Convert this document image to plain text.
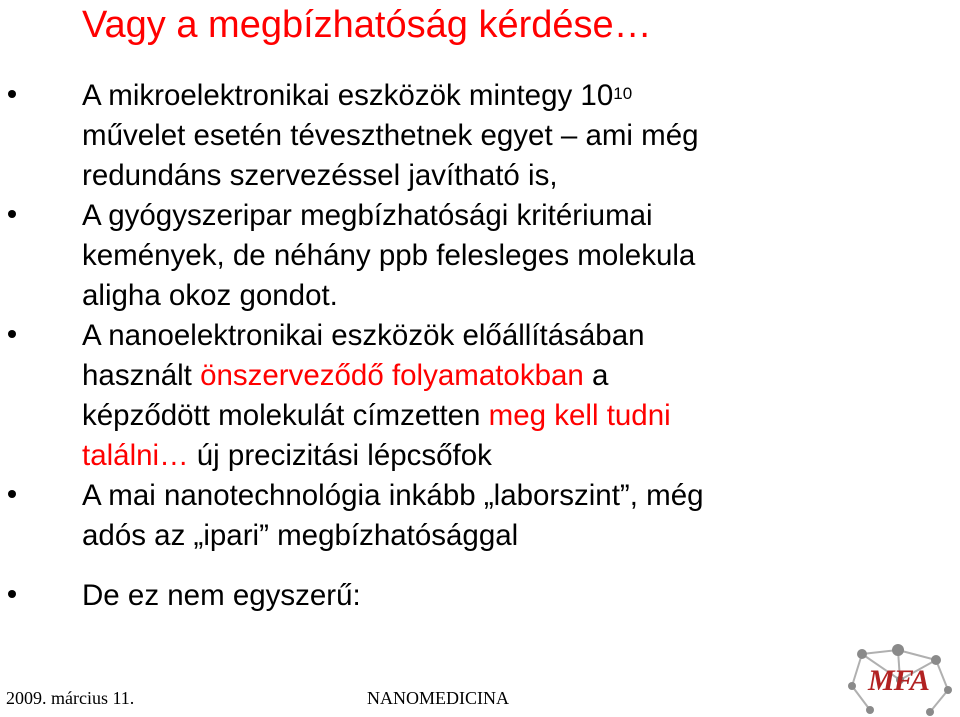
Vagy a megbízhatóság kérdése…
A mikroelektronikai eszközök mintegy $10^{10}$
művelet esetén téveszthetnek egyet – ami még
redundáns szervezéssel javítható is,
A gyógyszeripar megbízhatósági kritériumai
kemények, de néhány ppb felesleges molekula
aligha okoz gondot.
A nanoelektronikai eszközök előállításában
használt önszerveződő folyamatokban a
képződött molekulát címzetten meg kell tudni
találni… új precizitási lépcsőfok
A mai nanotechnológia inkább „laborszint”, még
adós az „ipari” megbízhatósággal
De ez nem egyszerű:
2009. március 11.	NANOMEDICINA
MFA
